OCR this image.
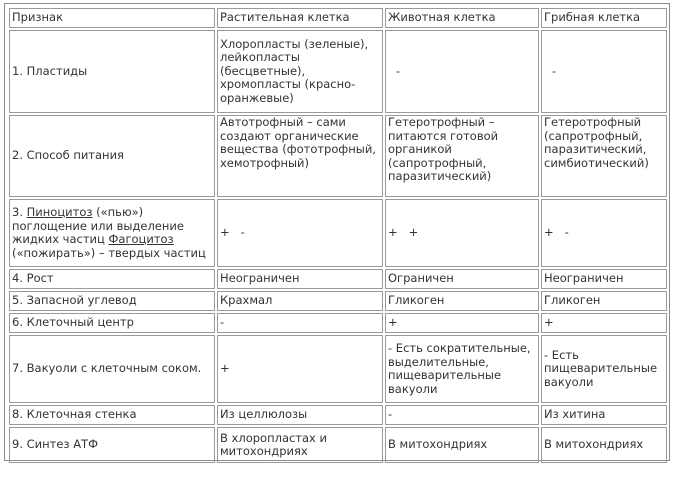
Признак	Растительная клетка	Животная клетка	Грибная клетка
1. Пластиды	Хлоропласты (зеленые), лейкопласты (бесцветные), хромопласты (красно-оранжевые)	-	-
2. Способ питания	Автотрофный – сами создают органические вещества (фототрофный, хемотрофный)	Гетеротрофный – питаются готовой органикой (сапротрофный, паразитический)	Гетеротрофный (сапротрофный, паразитический, симбиотический)
3. Пиноцитоз («пью») поглощение или выделение жидких частиц Фагоцитоз («пожирать») – твердых частиц	+   -	+   +	+   -
4. Рост	Неограничен	Ограничен	Неограничен
5. Запасной углевод	Крахмал	Гликоген	Гликоген
6. Клеточный центр	-	+	+
7. Вакуоли с клеточным соком.	+	- Есть сократительные, выделительные, пищеварительные вакуоли	- Есть пищеварительные вакуоли
8. Клеточная стенка	Из целлюлозы	-	Из хитина
9. Синтез АТФ	В хлоропластах и митохондриях	В митохондриях	В митохондриях
